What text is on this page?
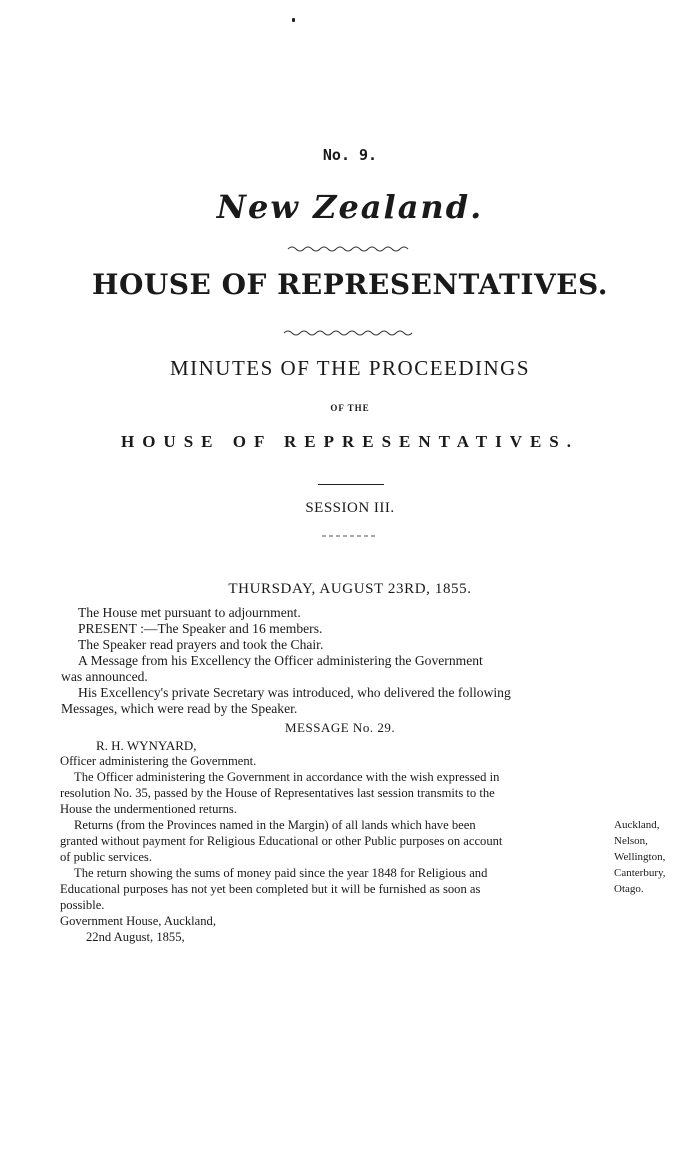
No. 9.
New Zealand.
HOUSE OF REPRESENTATIVES.
MINUTES OF THE PROCEEDINGS
OF THE
HOUSE OF REPRESENTATIVES.
SESSION III.
THURSDAY, AUGUST 23RD, 1855.
The House met pursuant to adjournment.
PRESENT :—The Speaker and 16 members.
The Speaker read prayers and took the Chair.
A Message from his Excellency the Officer administering the Government
was announced.
His Excellency's private Secretary was introduced, who delivered the following
Messages, which were read by the Speaker.
MESSAGE No. 29.
R. H. WYNYARD,
Officer administering the Government.
The Officer administering the Government in accordance with the wish expressed in
resolution No. 35, passed by the House of Representatives last session transmits to the
House the undermentioned returns.
Returns (from the Provinces named in the Margin) of all lands which have been
granted without payment for Religious Educational or other Public purposes on account
of public services.
The return showing the sums of money paid since the year 1848 for Religious and
Educational purposes has not yet been completed but it will be furnished as soon as
possible.
Auckland,
Nelson,
Wellington,
Canterbury,
Otago.
Government House, Auckland,
22nd August, 1855,
